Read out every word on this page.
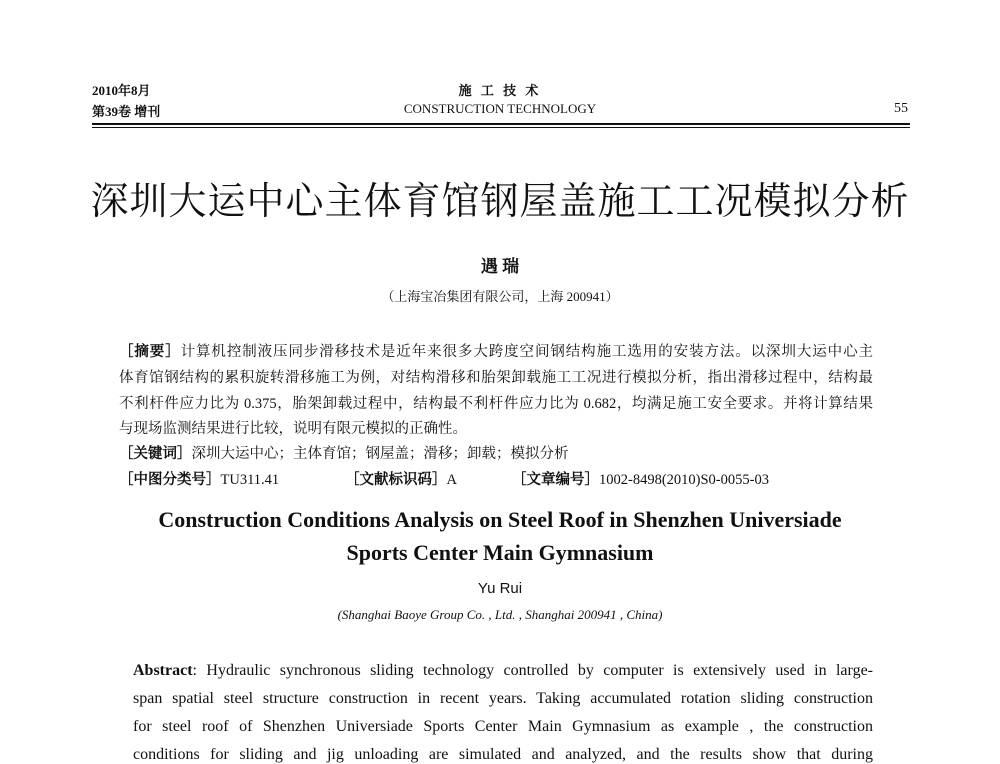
2010年8月
第39卷 增刊
施 工 技 术
CONSTRUCTION TECHNOLOGY	55
深圳大运中心主体育馆钢屋盖施工工况模拟分析
遇 瑞
（上海宝冶集团有限公司，上海 200941）
［摘要］计算机控制液压同步滑移技术是近年来很多大跨度空间钢结构施工选用的安装方法。以深圳大运中心主
体育馆钢结构的累积旋转滑移施工为例，对结构滑移和胎架卸载施工工况进行模拟分析，指出滑移过程中，结构最
不利杆件应力比为 0.375，胎架卸载过程中，结构最不利杆件应力比为 0.682，均满足施工安全要求。并将计算结果
与现场监测结果进行比较，说明有限元模拟的正确性。
［关键词］深圳大运中心；主体育馆；钢屋盖；滑移；卸载；模拟分析
［中图分类号］TU311.41	［文献标识码］A	［文章编号］1002-8498(2010)S0-0055-03
Construction Conditions Analysis on Steel Roof in Shenzhen Universiade
Sports Center Main Gymnasium
Yu Rui
(Shanghai Baoye Group Co. , Ltd. , Shanghai 200941 , China)
Abstract: Hydraulic synchronous sliding technology controlled by computer is extensively used in large-
span spatial steel structure construction in recent years. Taking accumulated rotation sliding construction
for steel roof of Shenzhen Universiade Sports Center Main Gymnasium as example , the construction
conditions for sliding and jig unloading are simulated and analyzed, and the results show that during
